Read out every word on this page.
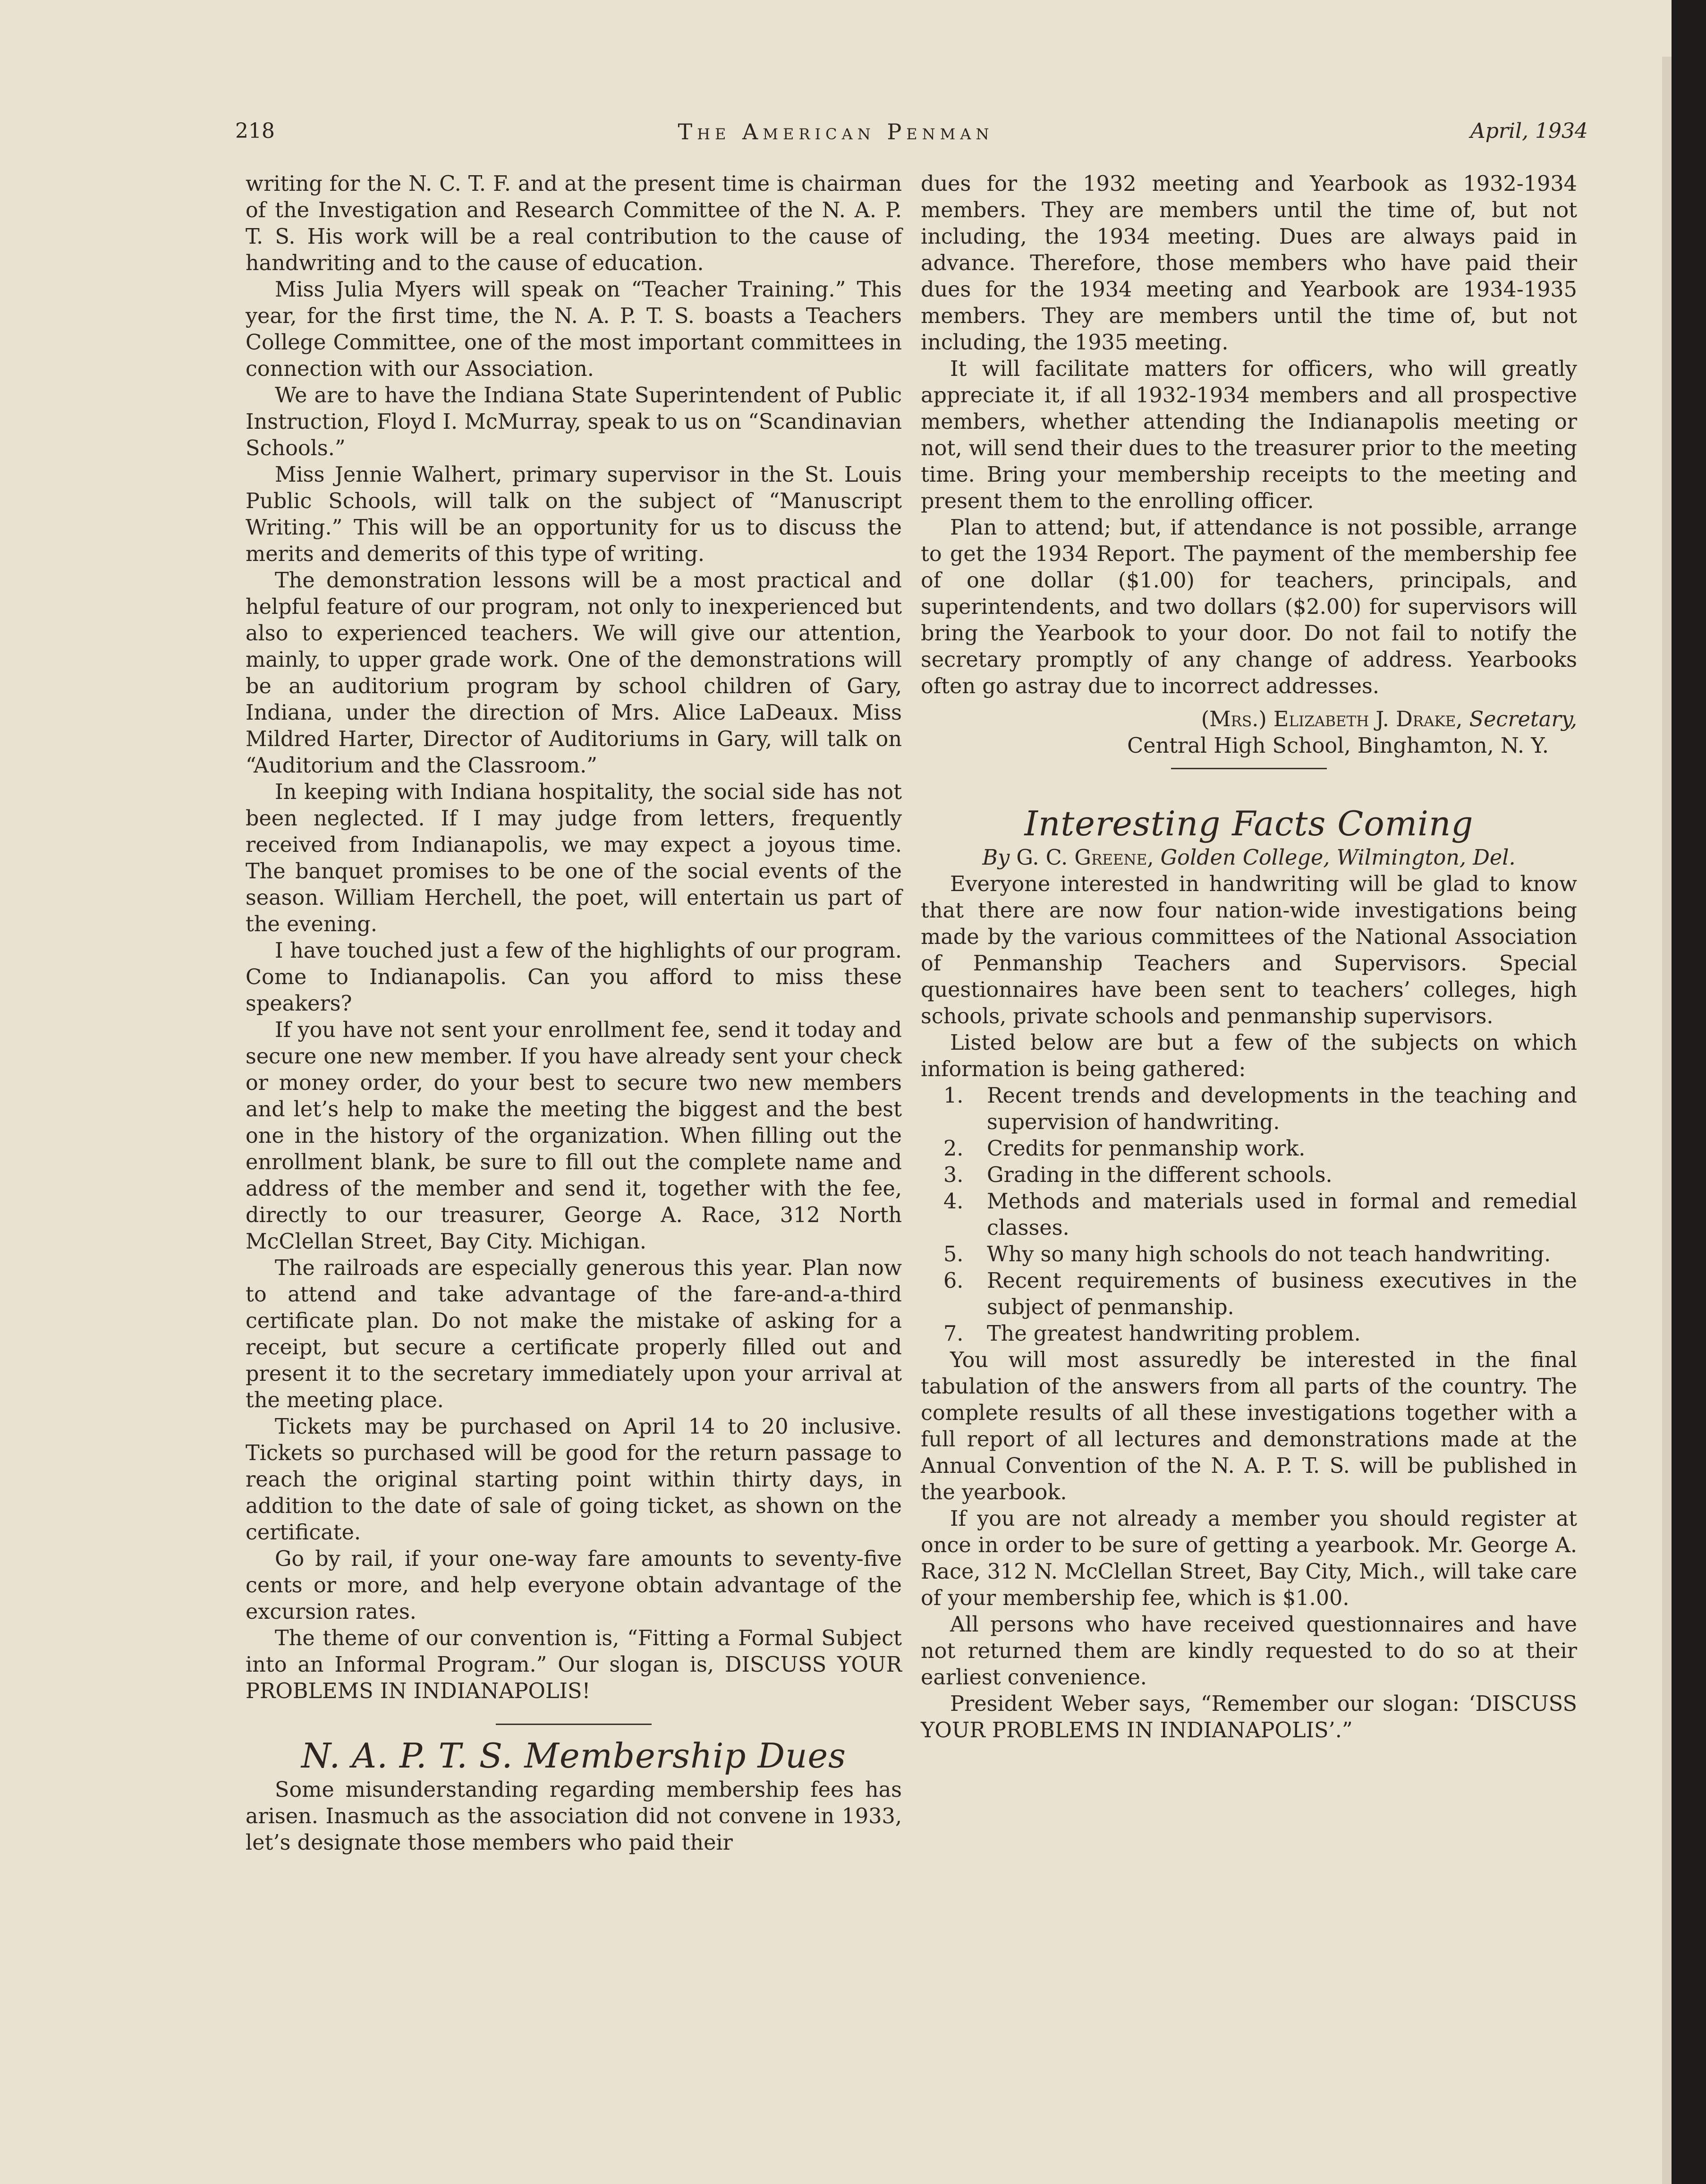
218	The American Penman	April, 1934

writing for the N. C. T. F. and at the present time is chairman of the Investigation and Research Committee of the N. A. P. T. S. His work will be a real contribution to the cause of handwriting and to the cause of education.

Miss Julia Myers will speak on “Teacher Training.” This year, for the first time, the N. A. P. T. S. boasts a Teachers College Committee, one of the most important committees in connection with our Association.

We are to have the Indiana State Superintendent of Public Instruction, Floyd I. McMurray, speak to us on “Scandinavian Schools.”

Miss Jennie Walhert, primary supervisor in the St. Louis Public Schools, will talk on the subject of “Manuscript Writing.” This will be an opportunity for us to discuss the merits and demerits of this type of writing.

The demonstration lessons will be a most practical and helpful feature of our program, not only to inexperienced but also to experienced teachers. We will give our attention, mainly, to upper grade work. One of the demonstrations will be an auditorium program by school children of Gary, Indiana, under the direction of Mrs. Alice LaDeaux. Miss Mildred Harter, Director of Auditoriums in Gary, will talk on “Auditorium and the Classroom.”

In keeping with Indiana hospitality, the social side has not been neglected. If I may judge from letters, frequently received from Indianapolis, we may expect a joyous time. The banquet promises to be one of the social events of the season. William Herchell, the poet, will entertain us part of the evening.

I have touched just a few of the highlights of our program. Come to Indianapolis. Can you afford to miss these speakers?

If you have not sent your enrollment fee, send it today and secure one new member. If you have already sent your check or money order, do your best to secure two new members and let’s help to make the meeting the biggest and the best one in the history of the organization. When filling out the enrollment blank, be sure to fill out the complete name and address of the member and send it, together with the fee, directly to our treasurer, George A. Race, 312 North McClellan Street, Bay City. Michigan.

The railroads are especially generous this year. Plan now to attend and take advantage of the fare-and-a-third certificate plan. Do not make the mistake of asking for a receipt, but secure a certificate properly filled out and present it to the secretary immediately upon your arrival at the meeting place.

Tickets may be purchased on April 14 to 20 inclusive. Tickets so purchased will be good for the return passage to reach the original starting point within thirty days, in addition to the date of sale of going ticket, as shown on the certificate.

Go by rail, if your one-way fare amounts to seventy-five cents or more, and help everyone obtain advantage of the excursion rates.

The theme of our convention is, “Fitting a Formal Subject into an Informal Program.” Our slogan is, DISCUSS YOUR PROBLEMS IN INDIANAPOLIS!

N. A. P. T. S. Membership Dues

Some misunderstanding regarding membership fees has arisen. Inasmuch as the association did not convene in 1933, let’s designate those members who paid their

dues for the 1932 meeting and Yearbook as 1932-1934 members. They are members until the time of, but not including, the 1934 meeting. Dues are always paid in advance. Therefore, those members who have paid their dues for the 1934 meeting and Yearbook are 1934-1935 members. They are members until the time of, but not including, the 1935 meeting.

It will facilitate matters for officers, who will greatly appreciate it, if all 1932-1934 members and all prospective members, whether attending the Indianapolis meeting or not, will send their dues to the treasurer prior to the meeting time. Bring your membership receipts to the meeting and present them to the enrolling officer.

Plan to attend; but, if attendance is not possible, arrange to get the 1934 Report. The payment of the membership fee of one dollar ($1.00) for teachers, principals, and superintendents, and two dollars ($2.00) for supervisors will bring the Yearbook to your door. Do not fail to notify the secretary promptly of any change of address. Yearbooks often go astray due to incorrect addresses.

(Mrs.) Elizabeth J. Drake, Secretary,

Central High School, Binghamton, N. Y.

Interesting Facts Coming

By G. C. Greene, Golden College, Wilmington, Del.

Everyone interested in handwriting will be glad to know that there are now four nation-wide investigations being made by the various committees of the National Association of Penmanship Teachers and Supervisors. Special questionnaires have been sent to teachers’ colleges, high schools, private schools and penmanship supervisors.

Listed below are but a few of the subjects on which information is being gathered:

1. Recent trends and developments in the teaching and supervision of handwriting.
2. Credits for penmanship work.
3. Grading in the different schools.
4. Methods and materials used in formal and remedial classes.
5. Why so many high schools do not teach handwriting.
6. Recent requirements of business executives in the subject of penmanship.
7. The greatest handwriting problem.

You will most assuredly be interested in the final tabulation of the answers from all parts of the country. The complete results of all these investigations together with a full report of all lectures and demonstrations made at the Annual Convention of the N. A. P. T. S. will be published in the yearbook.

If you are not already a member you should register at once in order to be sure of getting a yearbook. Mr. George A. Race, 312 N. McClellan Street, Bay City, Mich., will take care of your membership fee, which is $1.00.

All persons who have received questionnaires and have not returned them are kindly requested to do so at their earliest convenience.

President Weber says, “Remember our slogan: ‘DISCUSS YOUR PROBLEMS IN INDIANAPOLIS’.”
